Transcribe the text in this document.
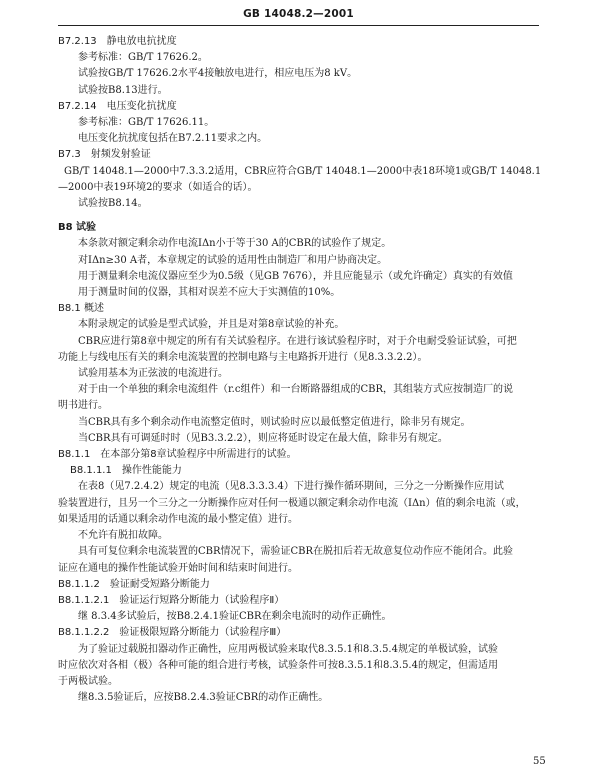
GB 14048.2—2001

B7.2.13　静电放电抗扰度

参考标准：GB/T 17626.2。

试验按GB/T 17626.2水平4接触放电进行，相应电压为8 kV。

试验按B8.13进行。

B7.2.14　电压变化抗扰度

参考标准：GB/T 17626.11。

电压变化抗扰度包括在B7.2.11要求之内。

B7.3　射频发射验证

GB/T 14048.1—2000中7.3.3.2适用，CBR应符合GB/T 14048.1—2000中表18环境1或GB/T 14048.1

—2000中表19环境2的要求（如适合的话）。

试验按B8.14。

B8 试验

本条款对额定剩余动作电流IΔn小于等于30 A的CBR的试验作了规定。

对IΔn≥30 A者，本章规定的试验的适用性由制造厂和用户协商决定。

用于测量剩余电流仪器应至少为0.5级（见GB 7676），并且应能显示（或允许确定）真实的有效值

用于测量时间的仪器，其相对误差不应大于实测值的10%。

B8.1 概述

本附录规定的试验是型式试验，并且是对第8章试验的补充。

CBR应进行第8章中规定的所有有关试验程序。在进行该试验程序时，对于介电耐受验证试验，可把

功能上与线电压有关的剩余电流装置的控制电路与主电路拆开进行（见8.3.3.2.2）。

试验用基本为正弦波的电流进行。

对于由一个单独的剩余电流组件（r.c组件）和一台断路器组成的CBR，其组装方式应按制造厂的说

明书进行。

当CBR具有多个剩余动作电流整定值时，则试验时应以最低整定值进行，除非另有规定。

当CBR具有可调延时时（见B3.3.2.2），则应将延时设定在最大值，除非另有规定。

B8.1.1　在本部分第8章试验程序中所需进行的试验。

B8.1.1.1　操作性能能力

在表8（见7.2.4.2）规定的电流（见8.3.3.3.4）下进行操作循环期间，三分之一分断操作应用试

验装置进行，且另一个三分之一分断操作应对任何一极通以额定剩余动作电流（IΔn）值的剩余电流（或，

如果适用的话通以剩余动作电流的最小整定值）进行。

不允许有脱扣故障。

具有可复位剩余电流装置的CBR情况下，需验证CBR在脱扣后若无故意复位动作应不能闭合。此验

证应在通电的操作性能试验开始时间和结束时间进行。

B8.1.1.2　验证耐受短路分断能力

B8.1.1.2.1　验证运行短路分断能力（试验程序Ⅱ）

继 8.3.4多试验后，按B8.2.4.1验证CBR在剩余电流时的动作正确性。

B8.1.1.2.2　验证极限短路分断能力（试验程序Ⅲ）

为了验证过载脱扣器动作正确性，应用两极试验来取代8.3.5.1和8.3.5.4规定的单极试验，试验

时应依次对各相（极）各种可能的组合进行考核，试验条件可按8.3.5.1和8.3.5.4的规定，但需适用

于两极试验。

继8.3.5验证后，应按B8.2.4.3验证CBR的动作正确性。

55
